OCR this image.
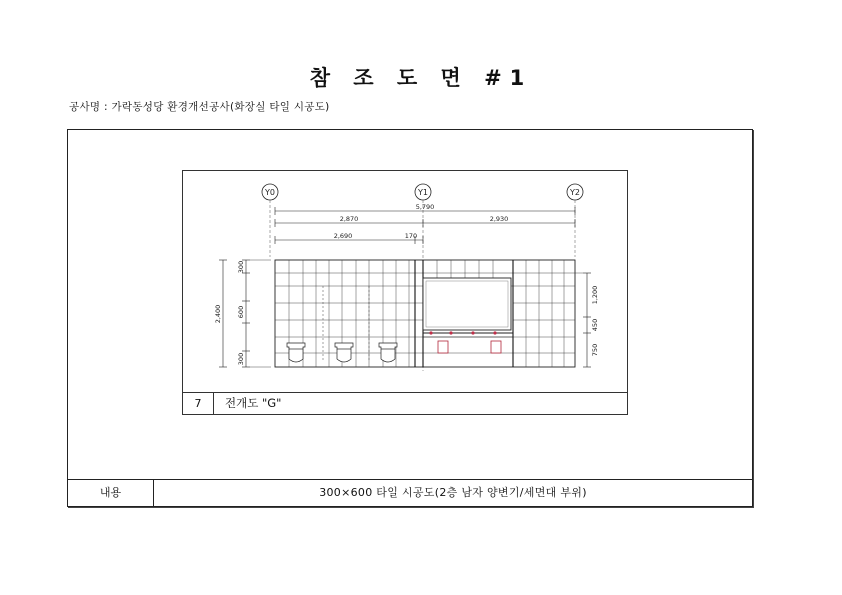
참 조 도 면 #1
공사명 : 가락동성당 환경개선공사(화장실 타일 시공도)
내용	300×600 타일 시공도(2층 남자 양변기/세면대 부위)
Y0	Y1	Y2
5,790
2,870	2,930
2,690	170
2,400
300
600
300
1,200
450
750
7	전개도 "G"
